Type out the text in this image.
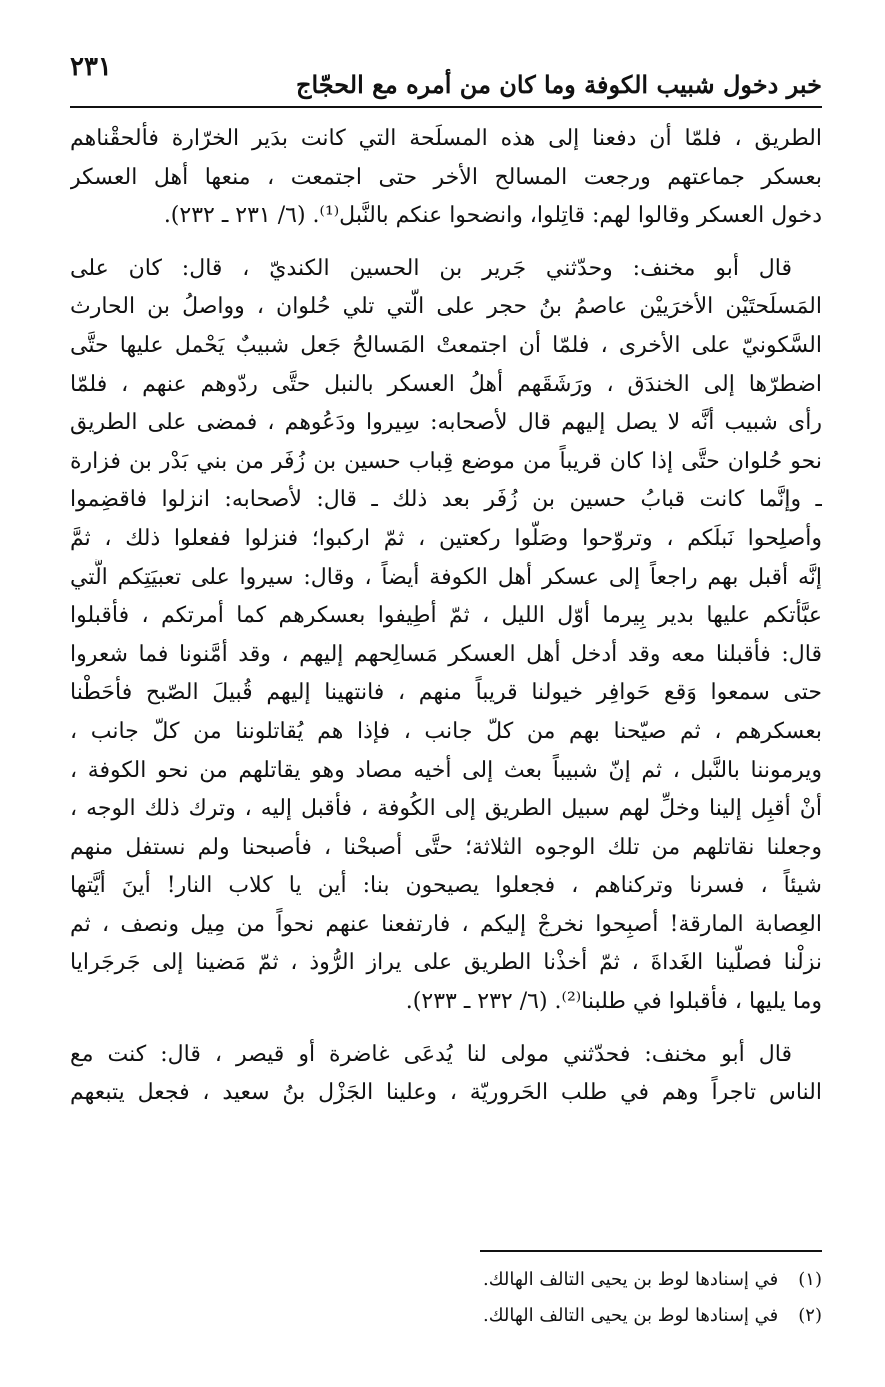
٢٣١
خبر دخول شبيب الكوفة وما كان من أمره مع الحجّاج
الطريق ، فلمّا أن دفعنا إلى هذه المسلَحة التي كانت بدَير الخرّارة فألحقْناهم
بعسكر جماعتهم ورجعت المسالح الأخر حتى اجتمعت ، منعها أهل العسكر
دخول العسكر وقالوا لهم: قاتِلوا، وانضحوا عنكم بالنَّبل⁽¹⁾. (٦/ ٢٣١ ـ ٢٣٢).
قال أبو مخنف: وحدّثني جَرير بن الحسين الكنديّ ، قال: كان على
المَسلَحتَيْن الأخرَييْن عاصمُ بنُ حجر على الّتي تلي حُلوان ، وواصلُ بن الحارث
السَّكونيّ على الأخرى ، فلمّا أن اجتمعتْ المَسالحُ جَعل شبيبٌ يَحْمل عليها حتَّى
اضطرّها إلى الخندَق ، ورَشَقَهم أهلُ العسكر بالنبل حتَّى ردّوهم عنهم ، فلمّا
رأى شبيب أنَّه لا يصل إليهم قال لأصحابه: سِيروا ودَعُوهم ، فمضى على الطريق
نحو حُلوان حتَّى إذا كان قريباً من موضع قِباب حسين بن زُفَر من بني بَدْر بن فزارة
ـ وإنَّما كانت قبابُ حسين بن زُفَر بعد ذلك ـ قال: لأصحابه: انزلوا فاقضِموا
وأصلِحوا نَبلَكم ، وتروّحوا وصَلّوا ركعتين ، ثمّ اركبوا؛ فنزلوا ففعلوا ذلك ، ثمَّ
إنَّه أقبل بهم راجعاً إلى عسكر أهل الكوفة أيضاً ، وقال: سيروا على تعبيَتِكم الَّتي
عبَّأتكم عليها بدير بِيرما أوّل الليل ، ثمّ أطِيفوا بعسكرهم كما أمرتكم ، فأقبلوا
قال: فأقبلنا معه وقد أدخل أهل العسكر مَسالِحهم إليهم ، وقد أمَّنونا فما شعروا
حتى سمعوا وَقع حَوافِر خيولنا قريباً منهم ، فانتهينا إليهم قُبيلَ الصّبح فأحَطْنا
بعسكرهم ، ثم صيّحنا بهم من كلّ جانب ، فإذا هم يُقاتلوننا من كلّ جانب ،
ويرموننا بالنَّبل ، ثم إنّ شبيباً بعث إلى أخيه مصاد وهو يقاتلهم من نحو الكوفة ،
أنْ أقبِل إلينا وخلِّ لهم سبيل الطريق إلى الكُوفة ، فأقبل إليه ، وترك ذلك الوجه ،
وجعلنا نقاتلهم من تلك الوجوه الثلاثة؛ حتَّى أصبحْنا ، فأصبحنا ولم نستفل منهم
شيئاً ، فسرنا وتركناهم ، فجعلوا يصيحون بنا: أين يا كلاب النار! أينَ أيَّتها
العِصابة المارقة! أصبِحوا نخرجْ إليكم ، فارتفعنا عنهم نحواً من مِيل ونصف ، ثم
نزلْنا فصلّينا الغَداةَ ، ثمّ أخذْنا الطريق على يراز الرُّوذ ، ثمّ مَضينا إلى جَرجَرايا
وما يليها ، فأقبلوا في طلبنا⁽²⁾. (٦/ ٢٣٢ ـ ٢٣٣).
قال أبو مخنف: فحدّثني مولى لنا يُدعَى غاضرة أو قيصر ، قال: كنت مع
الناس تاجراً وهم في طلب الحَروريّة ، وعلينا الجَزْل بنُ سعيد ، فجعل يتبعهم
(١) في إسنادها لوط بن يحيى التالف الهالك.
(٢) في إسنادها لوط بن يحيى التالف الهالك.
